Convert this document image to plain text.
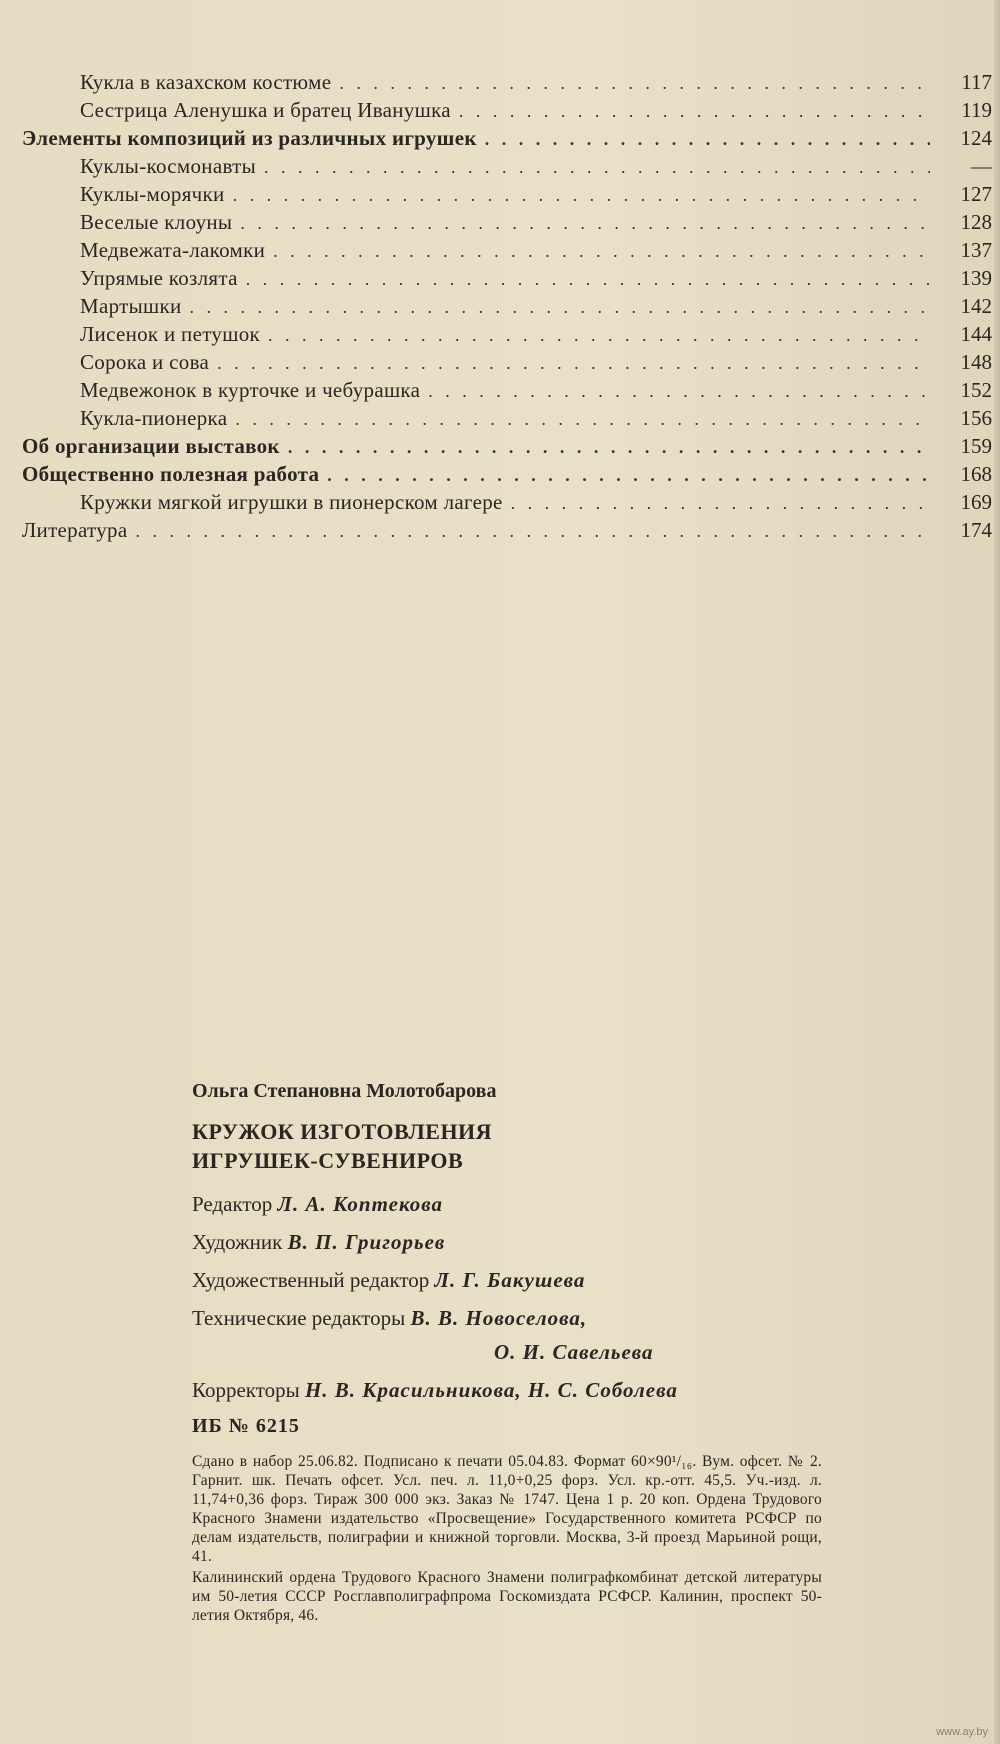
Кукла в казахском костюме . . .	117
Сестрица Аленушка и братец Иванушка . . .	119
Элементы композиций из различных игрушек . . .	124
Куклы-космонавты . . .	—
Куклы-морячки . . .	127
Веселые клоуны . . .	128
Медвежата-лакомки . . .	137
Упрямые козлята . . .	139
Мартышки . . .	142
Лисенок и петушок . . .	144
Сорока и сова . . .	148
Медвежонок в курточке и чебурашка . . .	152
Кукла-пионерка . . .	156
Об организации выставок . . .	159
Общественно полезная работа . . .	168
Кружки мягкой игрушки в пионерском лагере . . .	169
Литература . . .	174
Ольга Степановна Молотобарова
КРУЖОК ИЗГОТОВЛЕНИЯ
ИГРУШЕК-СУВЕНИРОВ
Редактор Л. А. Коптекова
Художник В. П. Григорьев
Художественный редактор Л. Г. Бакушева
Технические редакторы В. В. Новоселова,
О. И. Савельева
Корректоры Н. В. Красильникова, Н. С. Соболева
ИБ № 6215

Сдано в набор 25.06.82. Подписано к печати 05.04.83. Формат 60×90¹/₁₆. Вум. офсет. № 2. Гарнит. шк. Печать офсет. Усл. печ. л. 11,0+0,25 форз. Усл. кр.-отт. 45,5. Уч.-изд. л. 11,74+0,36 форз. Тираж 300 000 экз. Заказ № 1747. Цена 1 р. 20 коп. Ордена Трудового Красного Знамени издательство «Просвещение» Государственного комитета РСФСР по делам издательств, полиграфии и книжной торговли. Москва, 3-й проезд Марьиной рощи, 41.

Калининский ордена Трудового Красного Знамени полиграфкомбинат детской литературы им 50-летия СССР Росглавполиграфпрома Госкомиздата РСФСР. Калинин, проспект 50-летия Октября, 46.

www.ay.by
